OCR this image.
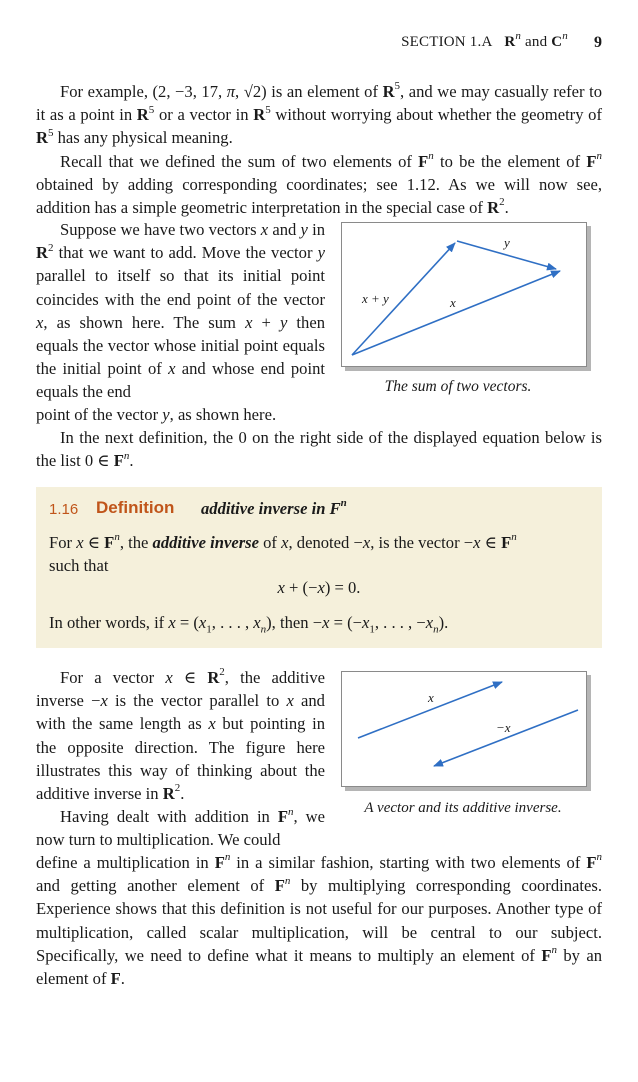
SECTION 1.A   $R^n$ and $C^n$ 9

For example, (2, −3, 17, π, √2) is an element of $R^5$, and we may casually refer to it as a point in $R^5$ or a vector in $R^5$ without worrying about whether the geometry of $R^5$ has any physical meaning.

Recall that we defined the sum of two elements of $F^n$ to be the element of $F^n$ obtained by adding corresponding coordinates; see 1.12. As we will now see, addition has a simple geometric interpretation in the special case of $R^2$.

Suppose we have two vectors x and y in $R^2$ that we want to add. Move the vector y parallel to itself so that its initial point coincides with the end point of the vector x, as shown here. The sum x + y then equals the vector whose initial point equals the initial point of x and whose end point equals the end

point of the vector y, as shown here.

In the next definition, the 0 on the right side of the displayed equation below is the list 0 ∈ $F^n$.

y
x + y	x
The sum of two vectors.
1.16 Definition additive inverse in $F^n$
For x ∈ $F^n$, the additive inverse of x, denoted −x, is the vector −x ∈ $F^n$
such that
x + (−x) = 0.
In other words, if $x = (x_1$, . . . , $x_n$), then $-x = (-x_1$, . . . , $-x_n$).

For a vector x ∈ $R^2$, the additive inverse −x is the vector parallel to x and with the same length as x but pointing in the opposite direction. The figure here illustrates this way of thinking about the additive inverse in $R^2$.

Having dealt with addition in $F^n$, we now turn to multiplication. We could

define a multiplication in $F^n$ in a similar fashion, starting with two elements of $F^n$ and getting another element of $F^n$ by multiplying corresponding coordinates. Experience shows that this definition is not useful for our purposes. Another type of multiplication, called scalar multiplication, will be central to our subject. Specifically, we need to define what it means to multiply an element of $F^n$ by an element of F.

x
−x
A vector and its additive inverse.
